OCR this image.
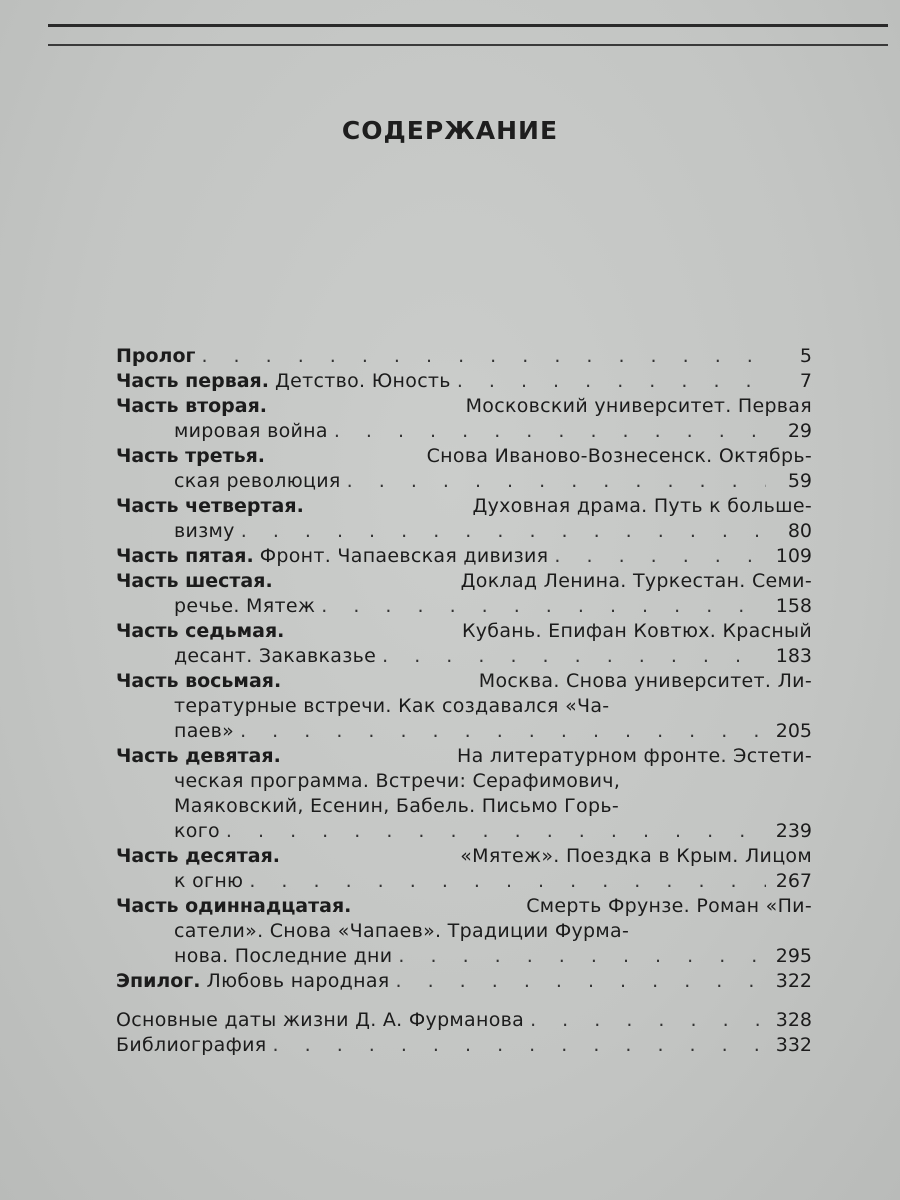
СОДЕРЖАНИЕ
Пролог . . .	5
Часть первая.
Детство. Юность . . .	7
Часть вторая.
	Московский университет. Первая
мировая война . . .	29
Часть третья.
	Снова Иваново-Вознесенск. Октябрь-
ская революция . . .	59
Часть четвертая.
	Духовная драма. Путь к больше-
визму . . .	80
Часть пятая.
Фронт. Чапаевская дивизия . . .	109
Часть шестая.
	Доклад Ленина. Туркестан. Семи-
речье. Мятеж . . .	158
Часть седьмая.
	Кубань. Епифан Ковтюх. Красный
десант. Закавказье . . .	183
Часть восьмая.
	Москва. Снова университет. Ли-
тературные встречи. Как создавался «Ча-
паев» . . .	205
Часть девятая.
	На литературном фронте. Эстети-
ческая программа. Встречи: Серафимович,
Маяковский, Есенин, Бабель. Письмо Горь-
кого . . .	239
Часть десятая.
	«Мятеж». Поездка в Крым. Лицом
к огню . . .	267
Часть одиннадцатая.
	Смерть Фрунзе. Роман «Пи-
сатели». Снова «Чапаев». Традиции Фурма-
нова. Последние дни . . .	295
Эпилог.
Любовь народная . . .	322
Основные даты жизни Д. А. Фурманова . . .	328
Библиография . . .	332
